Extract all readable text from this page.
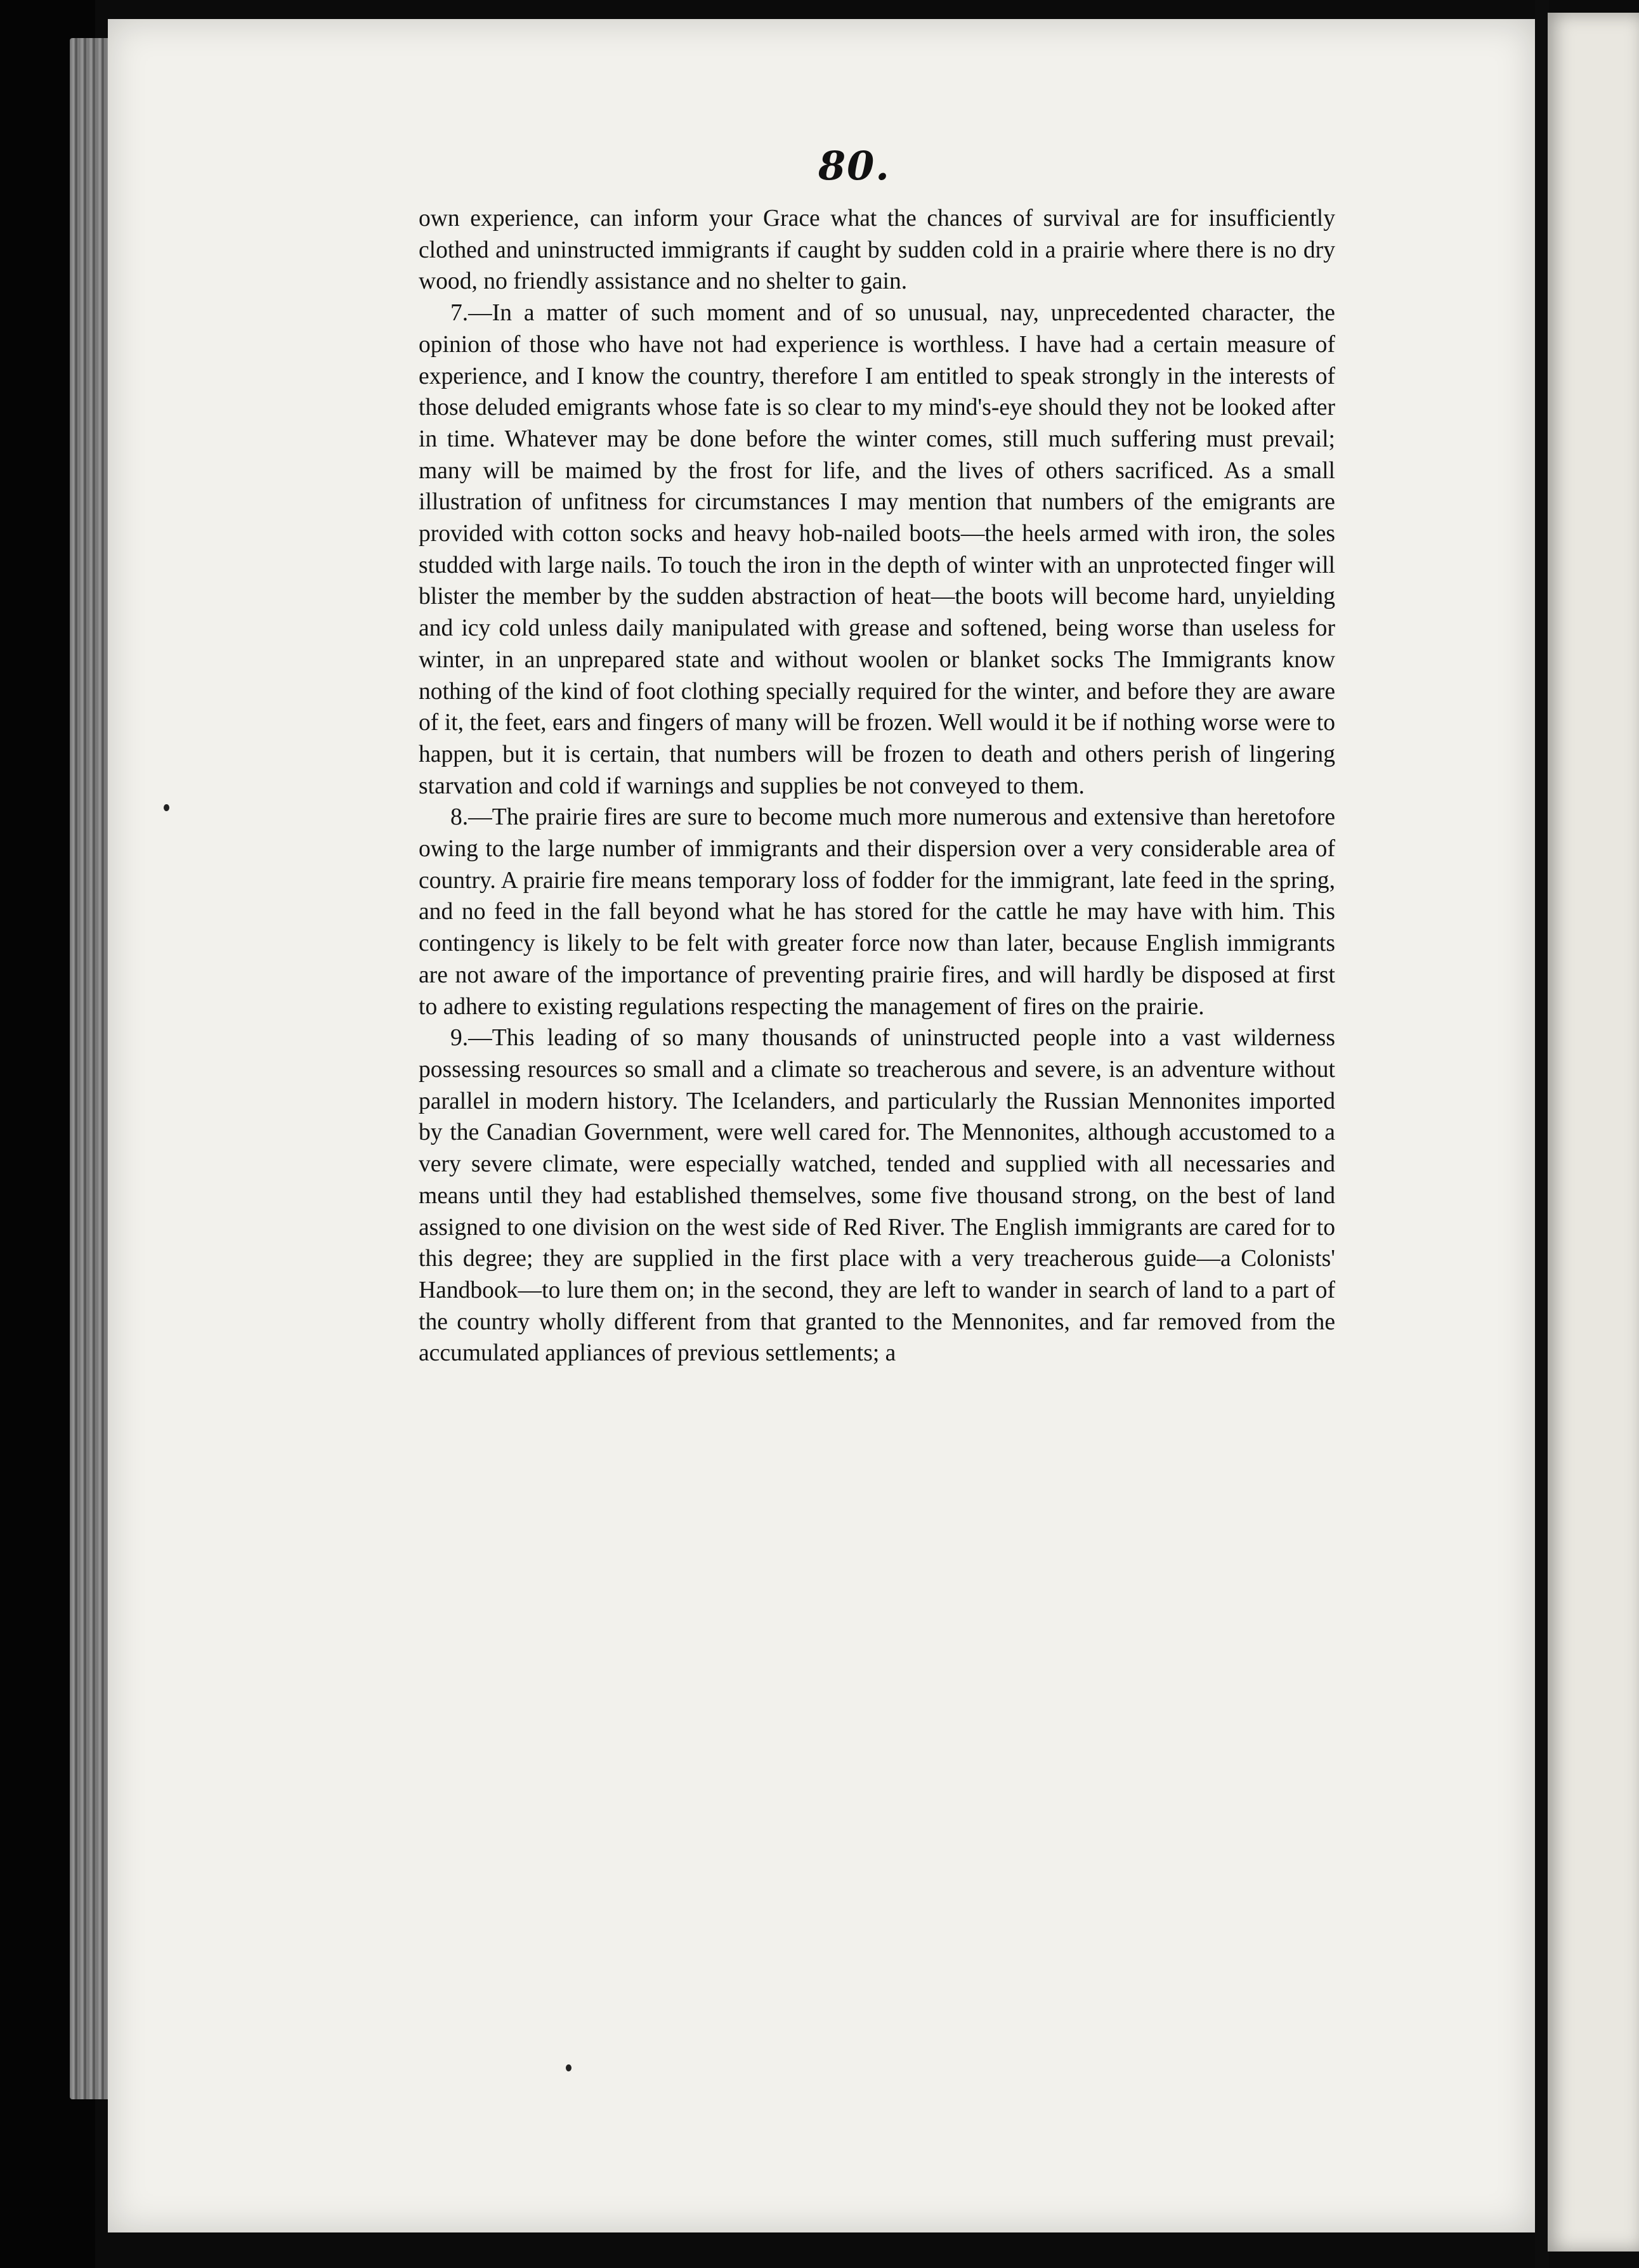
80.

own experience, can inform your Grace what the chances of survival are for insufficiently clothed and uninstructed immigrants if caught by sudden cold in a prairie where there is no dry wood, no friendly assistance and no shelter to gain.

7.—In a matter of such moment and of so unusual, nay, unprecedented character, the opinion of those who have not had experience is worthless. I have had a certain measure of experience, and I know the country, therefore I am entitled to speak strongly in the interests of those deluded emigrants whose fate is so clear to my mind's-eye should they not be looked after in time. Whatever may be done before the winter comes, still much suffering must prevail; many will be maimed by the frost for life, and the lives of others sacrificed. As a small illustration of unfitness for circumstances I may mention that numbers of the emigrants are provided with cotton socks and heavy hob-nailed boots—the heels armed with iron, the soles studded with large nails. To touch the iron in the depth of winter with an unprotected finger will blister the member by the sudden abstraction of heat—the boots will become hard, unyielding and icy cold unless daily manipulated with grease and softened, being worse than useless for winter, in an unprepared state and without woolen or blanket socks The Immigrants know nothing of the kind of foot clothing specially required for the winter, and before they are aware of it, the feet, ears and fingers of many will be frozen. Well would it be if nothing worse were to happen, but it is certain, that numbers will be frozen to death and others perish of lingering starvation and cold if warnings and supplies be not conveyed to them.

8.—The prairie fires are sure to become much more numerous and extensive than heretofore owing to the large number of immigrants and their dispersion over a very considerable area of country. A prairie fire means temporary loss of fodder for the immigrant, late feed in the spring, and no feed in the fall beyond what he has stored for the cattle he may have with him. This contingency is likely to be felt with greater force now than later, because English immigrants are not aware of the importance of preventing prairie fires, and will hardly be disposed at first to adhere to existing regulations respecting the management of fires on the prairie.

9.—This leading of so many thousands of uninstructed people into a vast wilderness possessing resources so small and a climate so treacherous and severe, is an adventure without parallel in modern history. The Icelanders, and particularly the Russian Mennonites imported by the Canadian Government, were well cared for. The Mennonites, although accustomed to a very severe climate, were especially watched, tended and supplied with all necessaries and means until they had established themselves, some five thousand strong, on the best of land assigned to one division on the west side of Red River. The English immigrants are cared for to this degree; they are supplied in the first place with a very treacherous guide—a Colonists' Handbook—to lure them on; in the second, they are left to wander in search of land to a part of the country wholly different from that granted to the Mennonites, and far removed from the accumulated appliances of previous settlements; a
